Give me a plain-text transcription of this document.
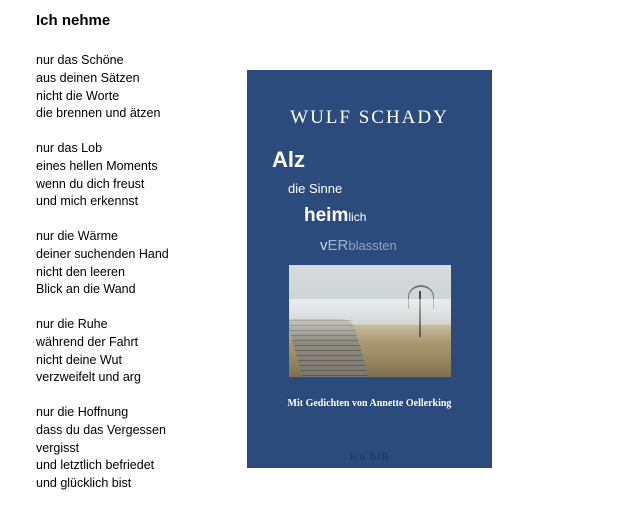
Ich nehme
nur das Schöne
aus deinen Sätzen
nicht die Worte
die brennen und ätzen
nur das Lob
eines hellen Moments
wenn du dich freust
und mich erkennst
nur die Wärme
deiner suchenden Hand
nicht den leeren
Blick an die Wand
nur die Ruhe
während der Fahrt
nicht deine Wut
verzweifelt und arg
nur die Hoffnung
dass du das Vergessen
vergisst
und letztlich befriedet
und glücklich bist
WULF SCHADY
Alz
die Sinne
heimlich
vERblassten
Mit Gedichten von Annette Oellerking
Ku hlB
